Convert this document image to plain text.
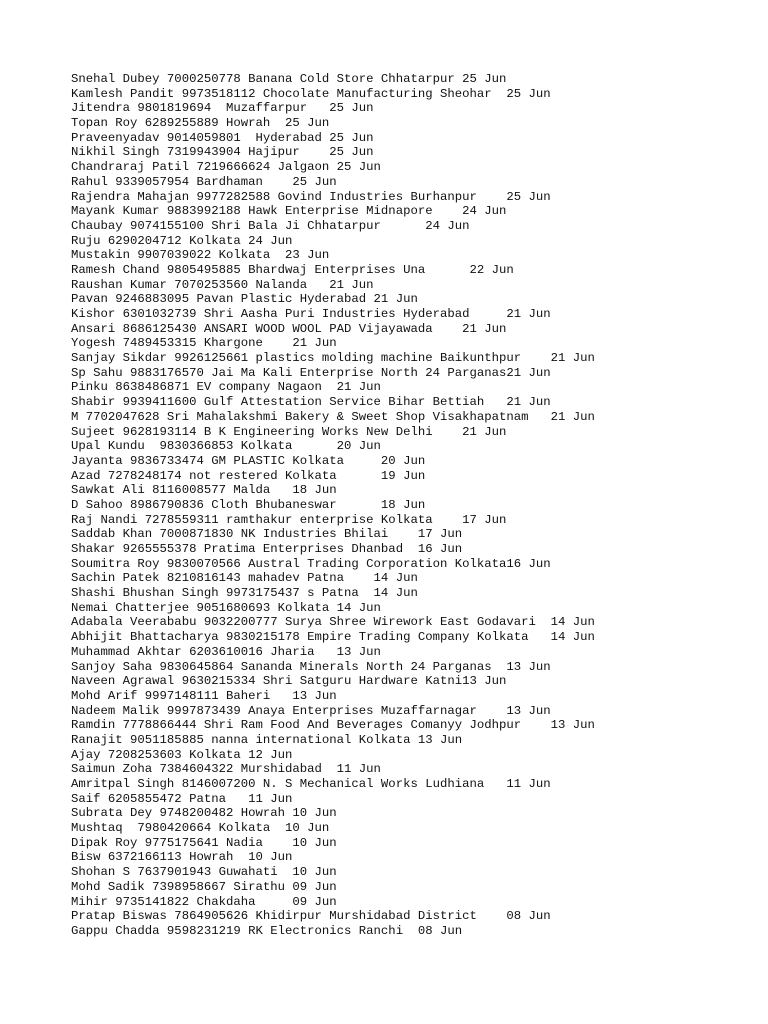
Snehal Dubey 7000250778 Banana Cold Store Chhatarpur 25 Jun
Kamlesh Pandit 9973518112 Chocolate Manufacturing Sheohar  25 Jun
Jitendra 9801819694  Muzaffarpur   25 Jun
Topan Roy 6289255889 Howrah  25 Jun
Praveenyadav 9014059801  Hyderabad 25 Jun
Nikhil Singh 7319943904 Hajipur    25 Jun
Chandraraj Patil 7219666624 Jalgaon 25 Jun
Rahul 9339057954 Bardhaman    25 Jun
Rajendra Mahajan 9977282588 Govind Industries Burhanpur    25 Jun
Mayank Kumar 9883992188 Hawk Enterprise Midnapore    24 Jun
Chaubay 9074155100 Shri Bala Ji Chhatarpur      24 Jun
Ruju 6290204712 Kolkata 24 Jun
Mustakin 9907039022 Kolkata  23 Jun
Ramesh Chand 9805495885 Bhardwaj Enterprises Una      22 Jun
Raushan Kumar 7070253560 Nalanda   21 Jun
Pavan 9246883095 Pavan Plastic Hyderabad 21 Jun
Kishor 6301032739 Shri Aasha Puri Industries Hyderabad     21 Jun
Ansari 8686125430 ANSARI WOOD WOOL PAD Vijayawada    21 Jun
Yogesh 7489453315 Khargone    21 Jun
Sanjay Sikdar 9926125661 plastics molding machine Baikunthpur    21 Jun
Sp Sahu 9883176570 Jai Ma Kali Enterprise North 24 Parganas21 Jun
Pinku 8638486871 EV company Nagaon  21 Jun
Shabir 9939411600 Gulf Attestation Service Bihar Bettiah   21 Jun
M 7702047628 Sri Mahalakshmi Bakery & Sweet Shop Visakhapatnam   21 Jun
Sujeet 9628193114 B K Engineering Works New Delhi    21 Jun
Upal Kundu  9830366853 Kolkata      20 Jun
Jayanta 9836733474 GM PLASTIC Kolkata     20 Jun
Azad 7278248174 not restered Kolkata      19 Jun
Sawkat Ali 8116008577 Malda   18 Jun
D Sahoo 8986790836 Cloth Bhubaneswar      18 Jun
Raj Nandi 7278559311 ramthakur enterprise Kolkata    17 Jun
Saddab Khan 7000871830 NK Industries Bhilai    17 Jun
Shakar 9265555378 Pratima Enterprises Dhanbad  16 Jun
Soumitra Roy 9830070566 Austral Trading Corporation Kolkata16 Jun
Sachin Patek 8210816143 mahadev Patna    14 Jun
Shashi Bhushan Singh 9973175437 s Patna  14 Jun
Nemai Chatterjee 9051680693 Kolkata 14 Jun
Adabala Veerababu 9032200777 Surya Shree Wirework East Godavari  14 Jun
Abhijit Bhattacharya 9830215178 Empire Trading Company Kolkata   14 Jun
Muhammad Akhtar 6203610016 Jharia   13 Jun
Sanjoy Saha 9830645864 Sananda Minerals North 24 Parganas  13 Jun
Naveen Agrawal 9630215334 Shri Satguru Hardware Katni13 Jun
Mohd Arif 9997148111 Baheri   13 Jun
Nadeem Malik 9997873439 Anaya Enterprises Muzaffarnagar    13 Jun
Ramdin 7778866444 Shri Ram Food And Beverages Comanyy Jodhpur    13 Jun
Ranajit 9051185885 nanna international Kolkata 13 Jun
Ajay 7208253603 Kolkata 12 Jun
Saimun Zoha 7384604322 Murshidabad  11 Jun
Amritpal Singh 8146007200 N. S Mechanical Works Ludhiana   11 Jun
Saif 6205855472 Patna   11 Jun
Subrata Dey 9748200482 Howrah 10 Jun
Mushtaq  7980420664 Kolkata  10 Jun
Dipak Roy 9775175641 Nadia    10 Jun
Bisw 6372166113 Howrah  10 Jun
Shohan S 7637901943 Guwahati  10 Jun
Mohd Sadik 7398958667 Sirathu 09 Jun
Mihir 9735141822 Chakdaha     09 Jun
Pratap Biswas 7864905626 Khidirpur Murshidabad District    08 Jun
Gappu Chadda 9598231219 RK Electronics Ranchi  08 Jun
